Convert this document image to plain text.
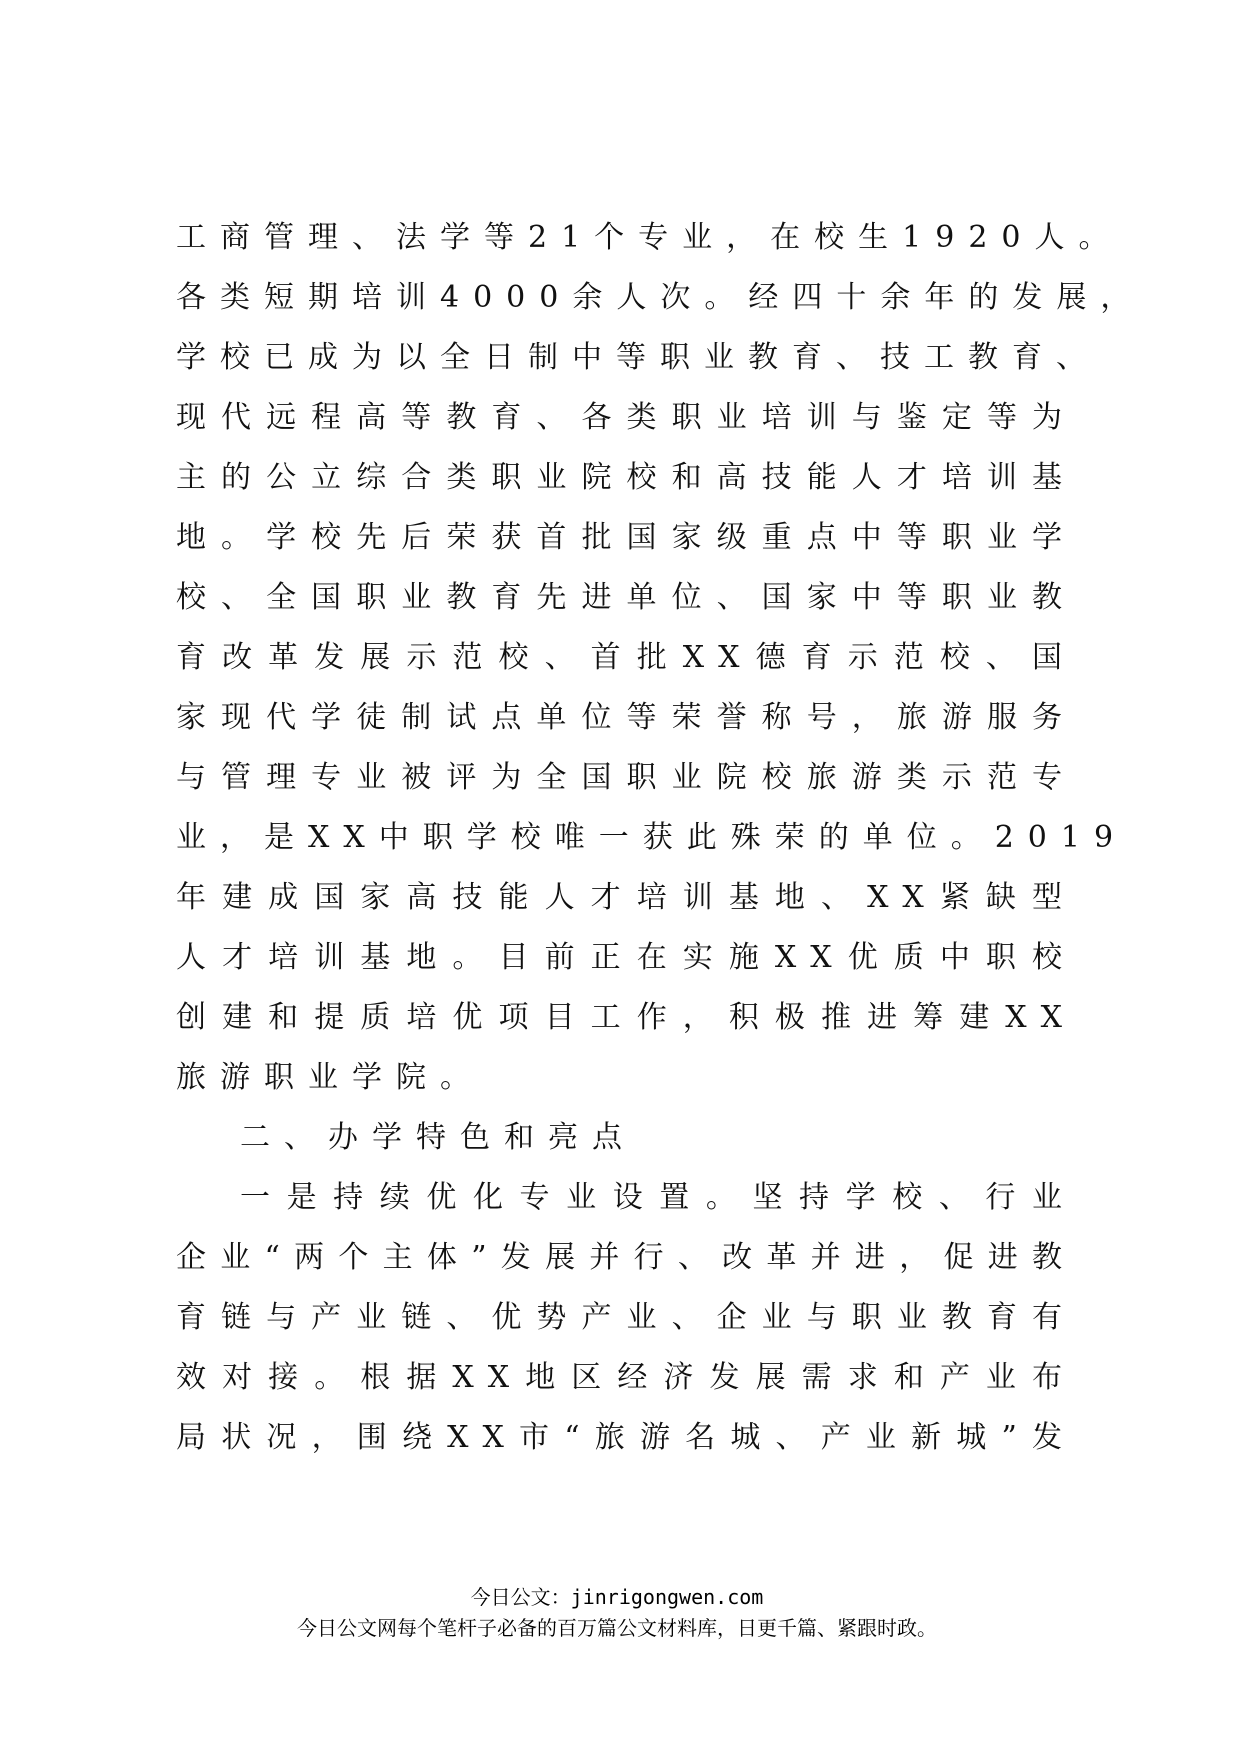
工商管理、法学等21个专业，在校生1920人。
各类短期培训4000余人次。经四十余年的发展，
学校已成为以全日制中等职业教育、技工教育、
现代远程高等教育、各类职业培训与鉴定等为
主的公立综合类职业院校和高技能人才培训基
地。学校先后荣获首批国家级重点中等职业学
校、全国职业教育先进单位、国家中等职业教
育改革发展示范校、首批XX德育示范校、国
家现代学徒制试点单位等荣誉称号，旅游服务
与管理专业被评为全国职业院校旅游类示范专
业，是XX中职学校唯一获此殊荣的单位。2019
年建成国家高技能人才培训基地、XX紧缺型
人才培训基地。目前正在实施XX优质中职校
创建和提质培优项目工作，积极推进筹建XX
旅游职业学院。
二、办学特色和亮点
一是持续优化专业设置。坚持学校、行业
企业“两个主体”发展并行、改革并进，促进教
育链与产业链、优势产业、企业与职业教育有
效对接。根据XX地区经济发展需求和产业布
局状况，围绕XX市“旅游名城、产业新城”发
今日公文：jinrigongwen.com
今日公文网每个笔杆子必备的百万篇公文材料库，日更千篇、紧跟时政。
